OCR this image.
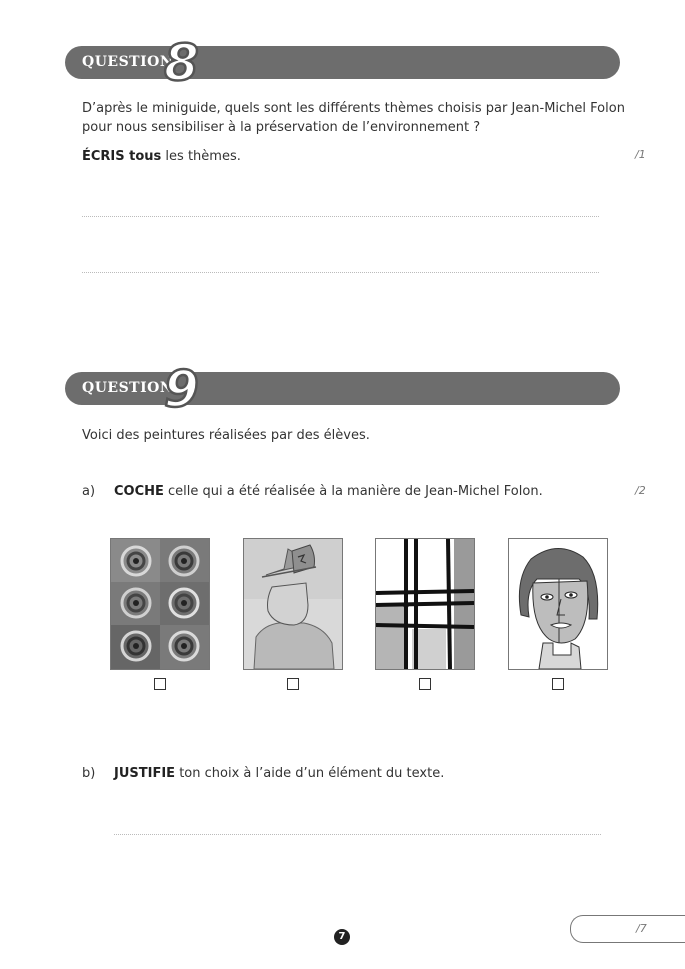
QUESTION
8
D’après le miniguide, quels sont les différents thèmes choisis par Jean-Michel Folon
pour nous sensibiliser à la préservation de l’environnement ?
ÉCRIS tous les thèmes.	/1
QUESTION
9
Voici des peintures réalisées par des élèves.
a) COCHE celle qui a été réalisée à la manière de Jean-Michel Folon.	/2
b) JUSTIFIE ton choix à l’aide d’un élément du texte.
7
/7
